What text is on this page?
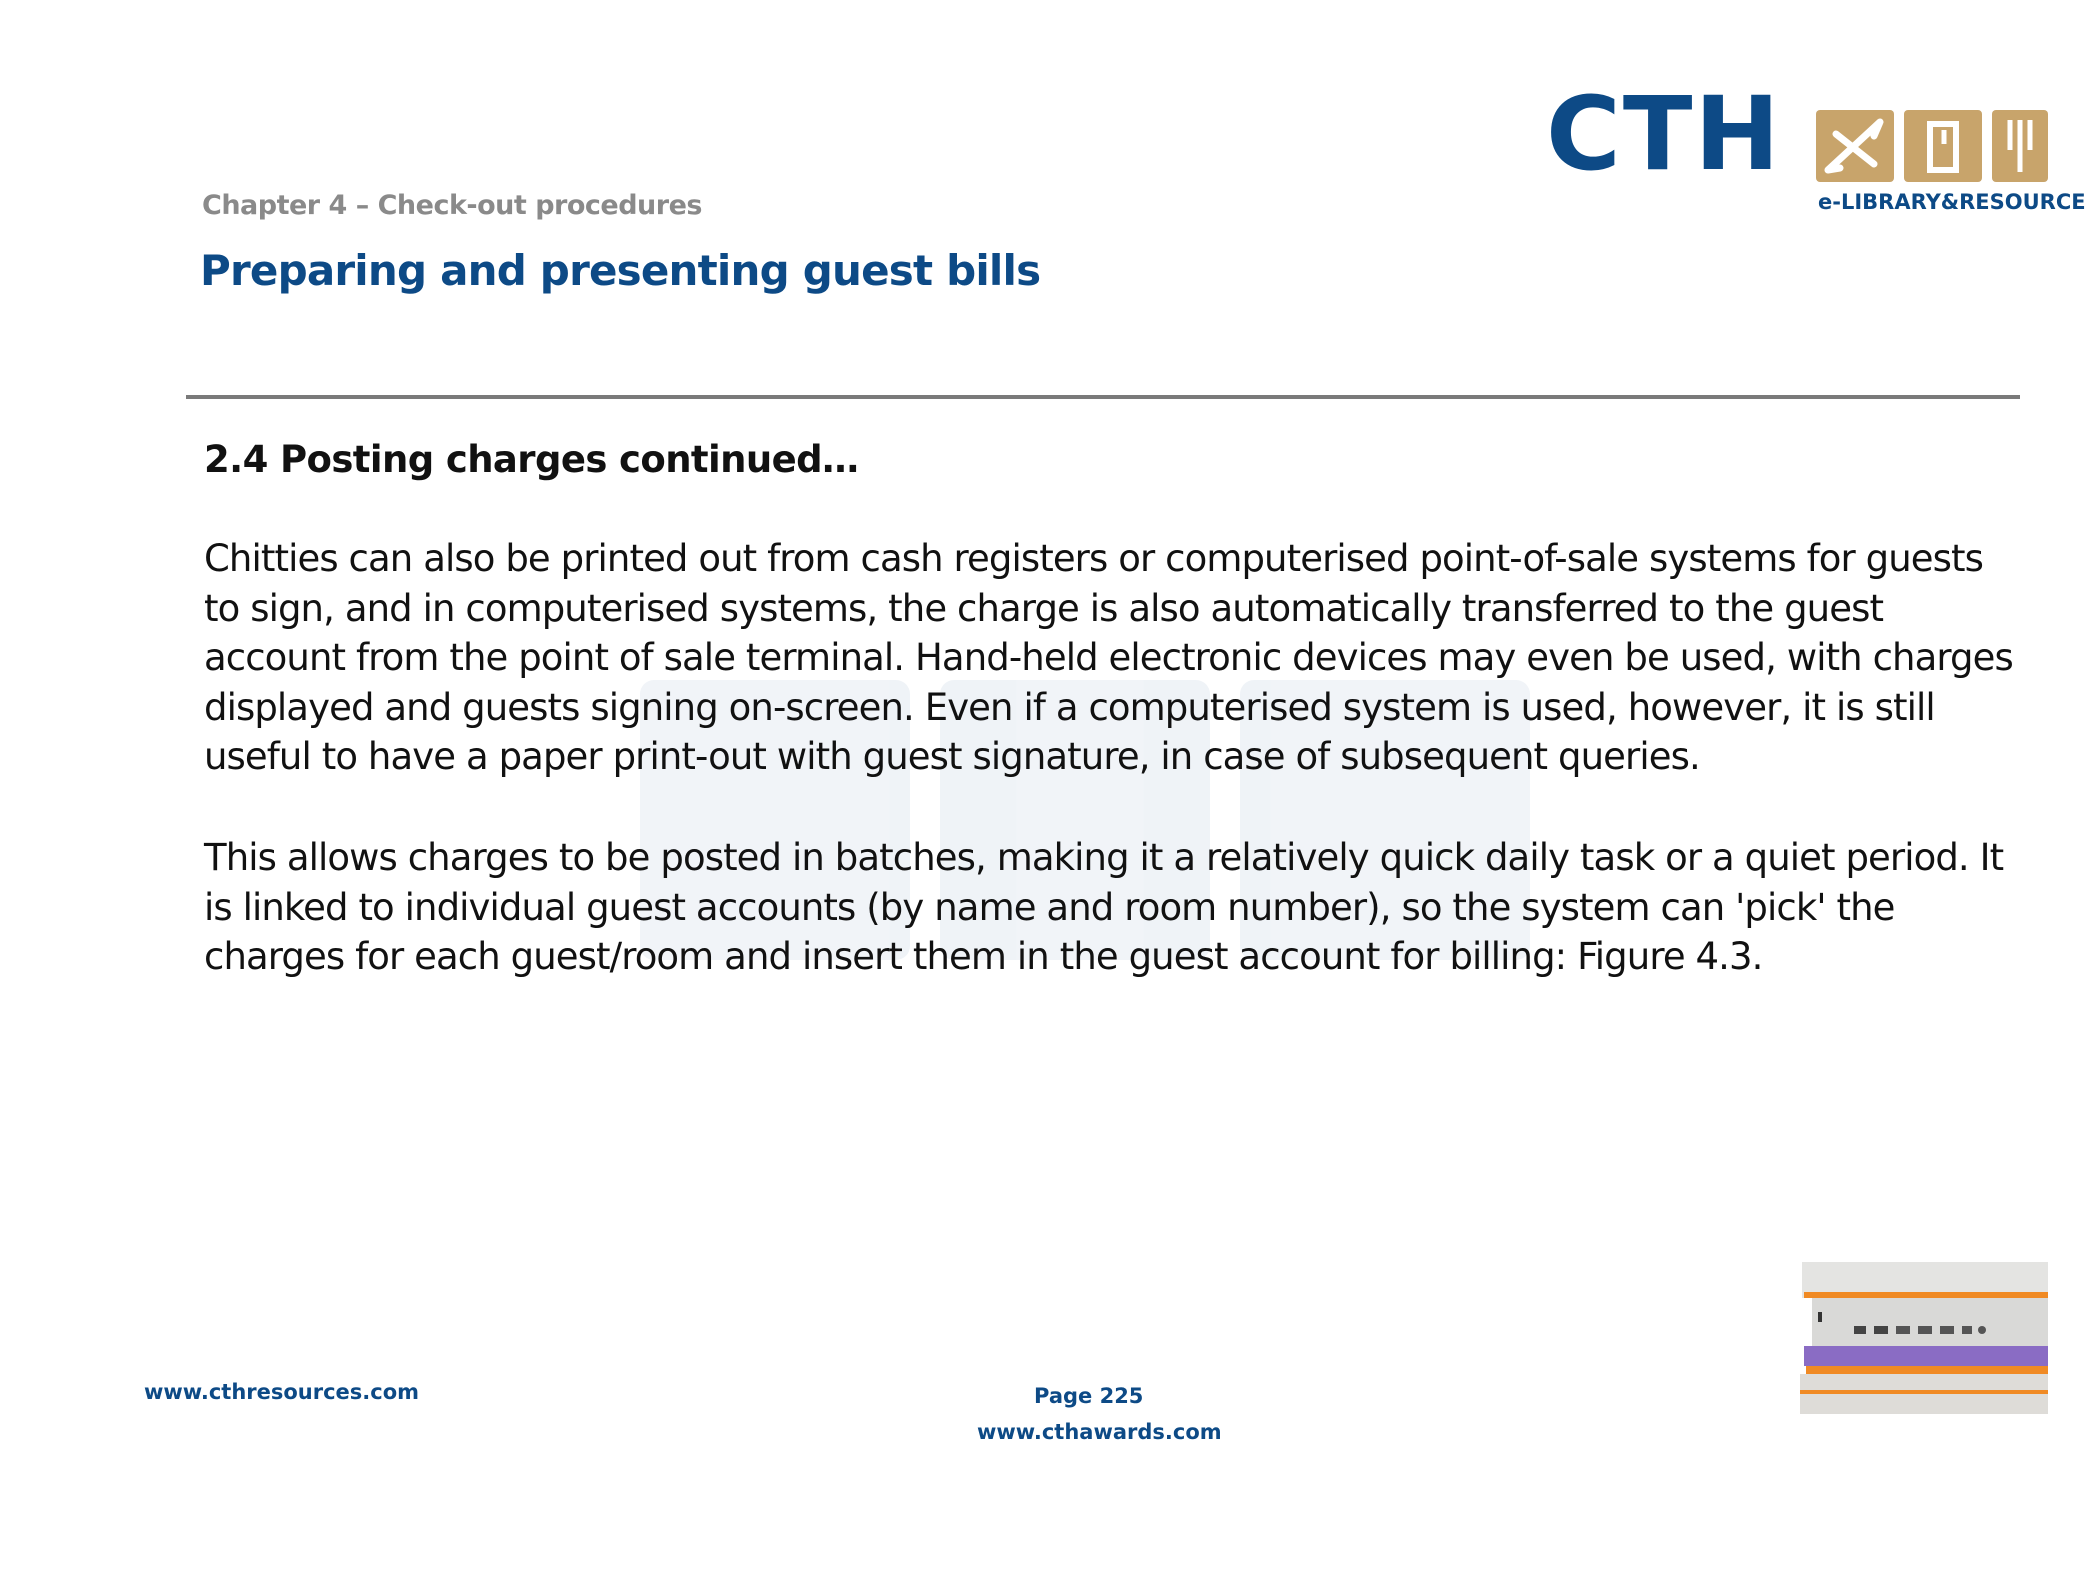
Chapter 4 – Check-out procedures
Preparing and presenting guest bills
CTH
e-LIBRARY&RESOURCE
2.4 Posting charges continued…
Chitties can also be printed out from cash registers or computerised point-of-sale systems for guests to sign, and in computerised systems, the charge is also automatically transferred to the guest account from the point of sale terminal. Hand-held electronic devices may even be used, with charges displayed and guests signing on-screen. Even if a computerised system is used, however, it is still useful to have a paper print-out with guest signature, in case of subsequent queries.
This allows charges to be posted in batches, making it a relatively quick daily task or a quiet period. It is linked to individual guest accounts (by name and room number), so the system can 'pick' the charges for each guest/room and insert them in the guest account for billing: Figure 4.3.
www.cthresources.com	Page 225
www.cthawards.com
